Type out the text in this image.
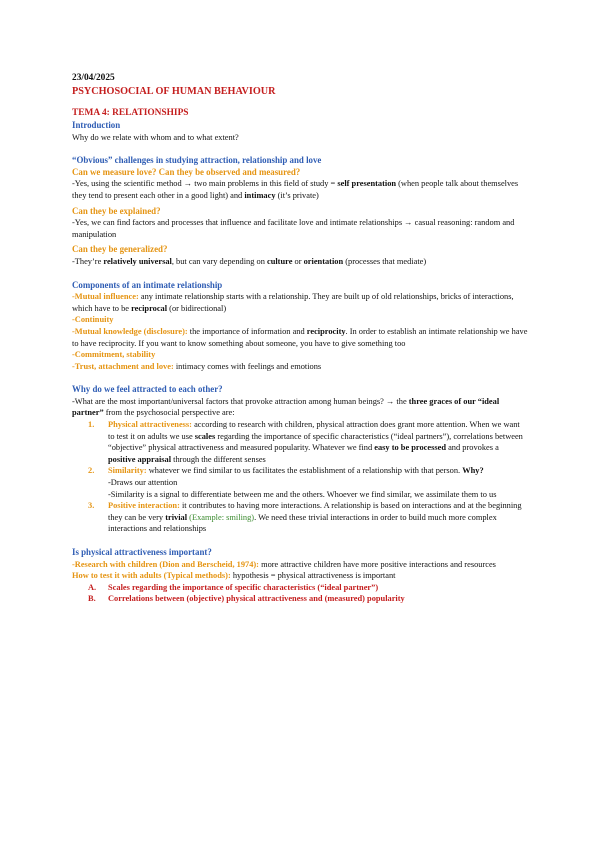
23/04/2025

PSYCHOSOCIAL OF HUMAN BEHAVIOUR

TEMA 4: RELATIONSHIPS

Introduction

Why do we relate with whom and to what extent?

“Obvious” challenges in studying attraction, relationship and love

Can we measure love? Can they be observed and measured?

-Yes, using the scientific method → two main problems in this field of study = self presentation (when people talk about themselves they tend to present each other in a good light) and intimacy (it’s private)

Can they be explained?

-Yes, we can find factors and processes that influence and facilitate love and intimate relationships → casual reasoning: random and manipulation

Can they be generalized?

-They’re relatively universal, but can vary depending on culture or orientation (processes that mediate)

Components of an intimate relationship

-Mutual influence: any intimate relationship starts with a relationship. They are built up of old relationships, bricks of interactions, which have to be reciprocal (or bidirectional)

-Continuity

-Mutual knowledge (disclosure): the importance of information and reciprocity. In order to establish an intimate relationship we have to have reciprocity. If you want to know something about someone, you have to give something too

-Commitment, stability

-Trust, attachment and love: intimacy comes with feelings and emotions

Why do we feel attracted to each other?

-What are the most important/universal factors that provoke attraction among human beings? → the three graces of our “ideal partner” from the psychosocial perspective are:

1. Physical attractiveness: according to research with children, physical attraction does grant more attention. When we want to test it on adults we use scales regarding the importance of specific characteristics (“ideal partners”), correlations between “objective” physical attractiveness and measured popularity. Whatever we find easy to be processed and provokes a positive appraisal through the different senses
2. Similarity: whatever we find similar to us facilitates the establishment of a relationship with that person. Why?

-Draws our attention

-Similarity is a signal to differentiate between me and the others. Whoever we find similar, we assimilate them to us

3. Positive interaction: it contributes to having more interactions. A relationship is based on interactions and at the beginning they can be very trivial (Example: smiling). We need these trivial interactions in order to build much more complex interactions and relationships

Is physical attractiveness important?

-Research with children (Dion and Berscheid, 1974): more attractive children have more positive interactions and resources

How to test it with adults (Typical methods): hypothesis = physical attractiveness is important

A. Scales regarding the importance of specific characteristics (“ideal partner”)
B. Correlations between (objective) physical attractiveness and (measured) popularity
